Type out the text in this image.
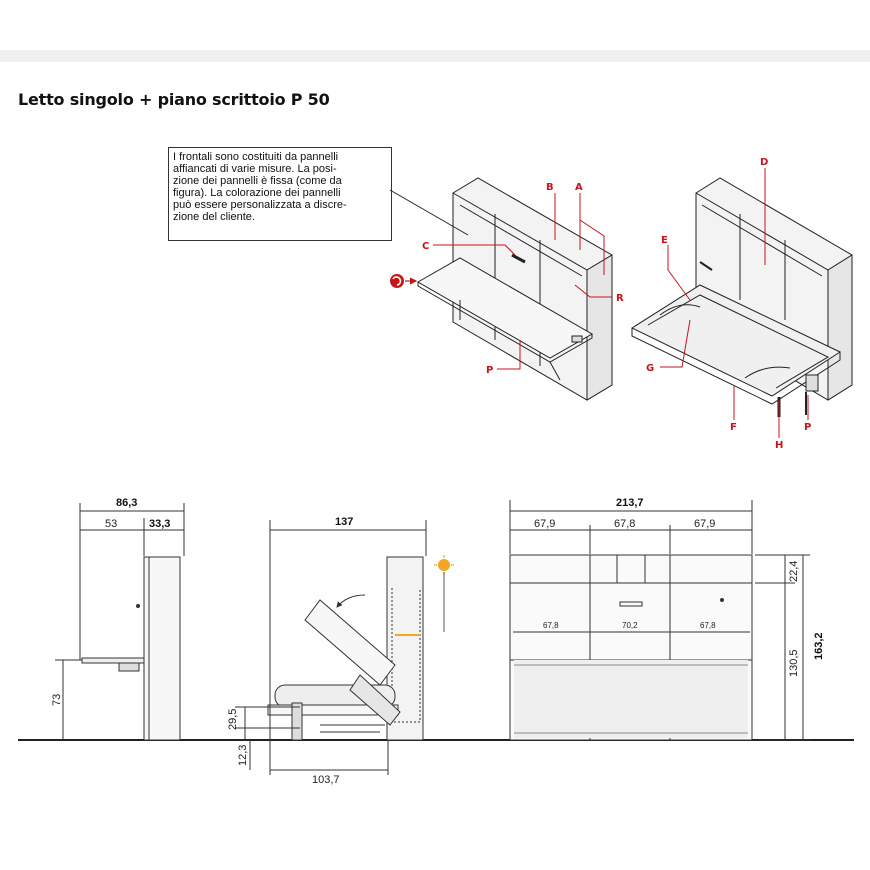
Letto singolo + piano scrittoio P 50
I frontali sono costituiti da pannelli
affiancati di varie misure. La posi-
zione dei pannelli è fissa (come da
figura). La colorazione dei pannelli
può essere personalizzata a discre-
zione del cliente.
B A
C
R
P
D
E
G
F
H
P
86,3
53	33,3
73
137
29,5
12,3
103,7
213,7
67,9	67,8	67,9
67,8	70,2	67,8
22,4
130,5
163,2
